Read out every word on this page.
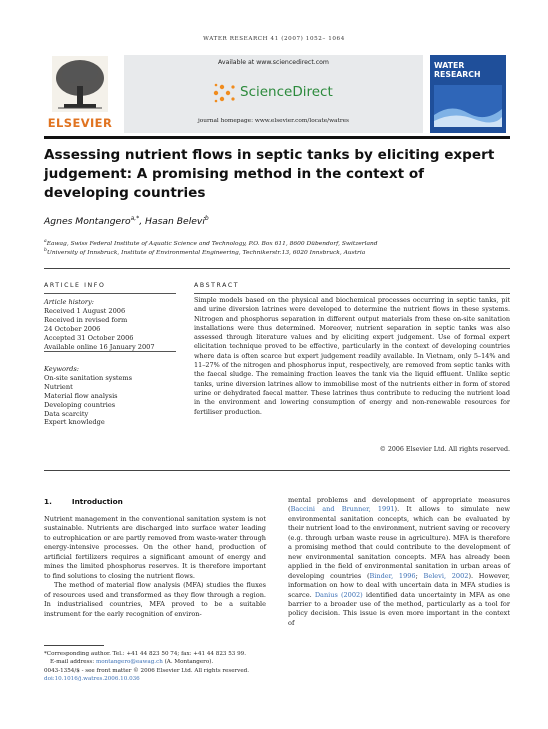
WATER RESEARCH 41 (2007) 1052– 1064
ELSEVIER
Available at www.sciencedirect.com
ScienceDirect
journal homepage: www.elsevier.com/locate/watres
WATER
RESEARCH
Assessing nutrient flows in septic tanks by eliciting expert judgement: A promising method in the context of developing countries
Agnes Montangero$^{a,*}$, Hasan Belevi$^b$
$^a$Eawag, Swiss Federal Institute of Aquatic Science and Technology, P.O. Box 611, 8600 Dübendorf, Switzerland
$^b$University of Innsbruck, Institute of Environmental Engineering, Technikerstr.13, 6020 Innsbruck, Austria
ARTICLE INFO
Article history:
Received 1 August 2006
Received in revised form
24 October 2006
Accepted 31 October 2006
Available online 16 January 2007
Keywords:
On-site sanitation systems
Nutrient
Material flow analysis
Developing countries
Data scarcity
Expert knowledge
ABSTRACT
Simple models based on the physical and biochemical processes occurring in septic tanks, pit and urine diversion latrines were developed to determine the nutrient flows in these systems. Nitrogen and phosphorus separation in different output materials from these on-site sanitation installations were thus determined. Moreover, nutrient separation in septic tanks was also assessed through literature values and by eliciting expert judgement. Use of formal expert elicitation technique proved to be effective, particularly in the context of developing countries where data is often scarce but expert judgement readily available. In Vietnam, only 5–14% and 11–27% of the nitrogen and phosphorus input, respectively, are removed from septic tanks with the faecal sludge. The remaining fraction leaves the tank via the liquid effluent. Unlike septic tanks, urine diversion latrines allow to immobilise most of the nutrients either in form of stored urine or dehydrated faecal matter. These latrines thus contribute to reducing the nutrient load in the environment and lowering consumption of energy and non-renewable resources for fertiliser production.
© 2006 Elsevier Ltd. All rights reserved.
1.	Introduction

Nutrient management in the conventional sanitation system is not sustainable. Nutrients are discharged into surface water leading to eutrophication or are partly removed from waste-water through energy-intensive processes. On the other hand, production of artificial fertilizers requires a significant amount of energy and mines the limited phosphorus reserves. It is therefore important to find solutions to closing the nutrient flows.

The method of material flow analysis (MFA) studies the fluxes of resources used and transformed as they flow through a region. In industrialised countries, MFA proved to be a suitable instrument for the early recognition of environ-

mental problems and development of appropriate measures (Baccini and Brunner, 1991). It allows to simulate new environmental sanitation concepts, which can be evaluated by their nutrient load to the environment, nutrient saving or recovery (e.g. through urban waste reuse in agriculture). MFA is therefore a promising method that could contribute to the development of new environmental sanitation concepts. MFA has already been applied in the field of environmental sanitation in urban areas of developing countries (Binder, 1996; Belevi, 2002). However, information on how to deal with uncertain data in MFA studies is scarce. Danius (2002) identified data uncertainty in MFA as one barrier to a broader use of the method, particularly as a tool for policy decision. This issue is even more important in the context of

*Corresponding author. Tel.: +41 44 823 50 74; fax: +41 44 823 53 99.
E-mail address: montangero@eawag.ch (A. Montangero).
0043-1354/$ - see front matter © 2006 Elsevier Ltd. All rights reserved.
doi:10.1016/j.watres.2006.10.036
